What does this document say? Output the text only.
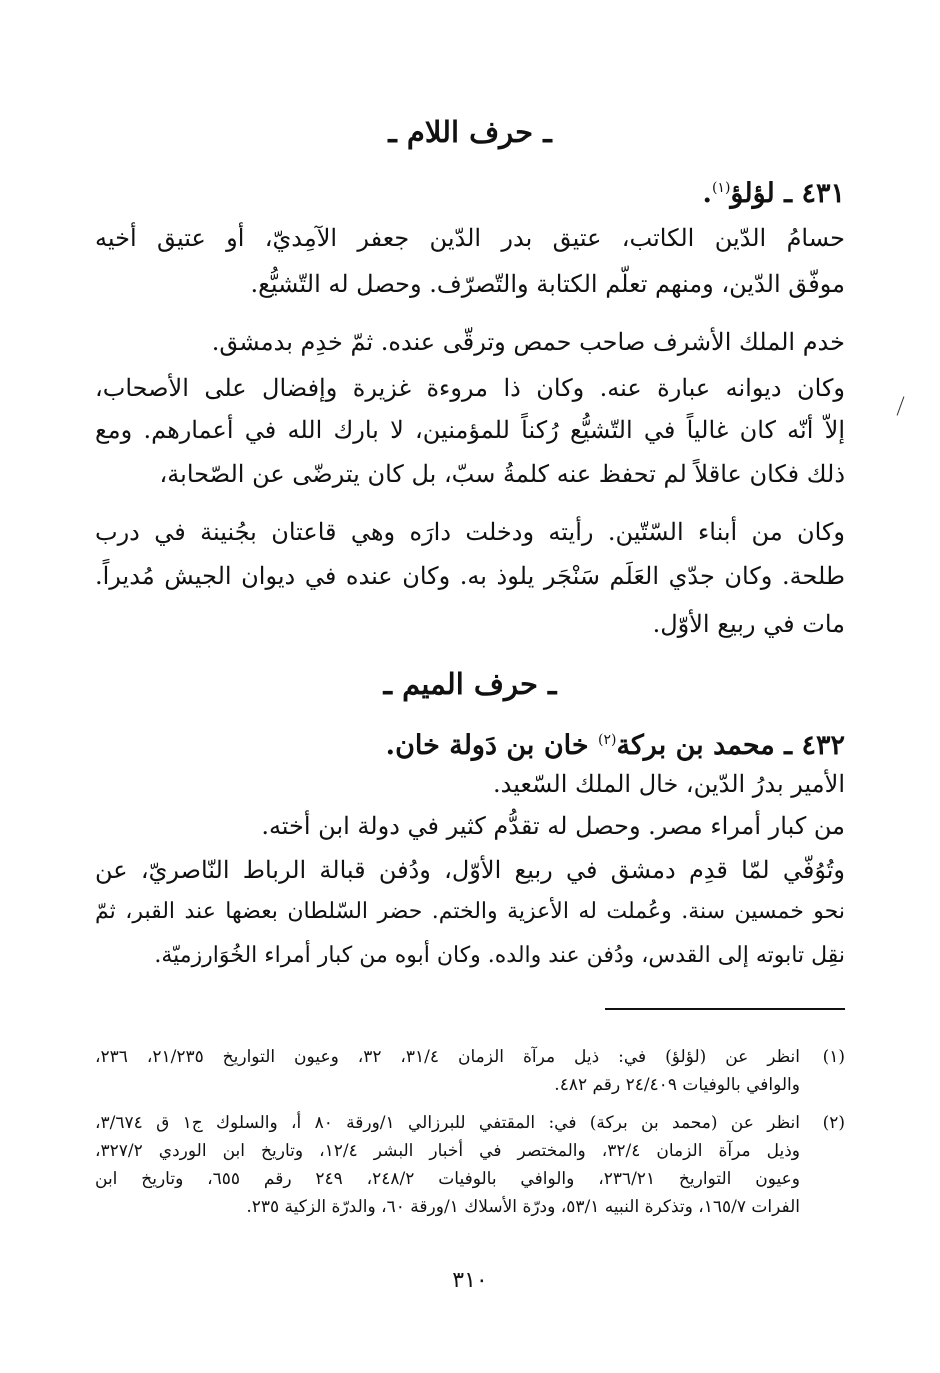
ـ حرف اللام ـ
٤٣١ ـ لؤلؤ$^{(١)}$.
حسامُ الدّين الكاتب، عتيق بدر الدّين جعفر الآمِديّ، أو عتيق أخيه
موفّق الدّين، ومنهم تعلّم الكتابة والتّصرّف. وحصل له التّشيُّع.
خدم الملك الأشرف صاحب حمص وترقّى عنده. ثمّ خدِم بدمشق.
وكان ديوانه عبارة عنه. وكان ذا مروءة غزيرة وإفضال على الأصحاب،
إلاّ أنّه كان غالياً في التّشيُّع رُكناً للمؤمنين، لا بارك الله في أعمارهم. ومع
ذلك فكان عاقلاً لم تحفظ عنه كلمةُ سبّ، بل كان يترضّى عن الصّحابة،
وكان من أبناء السّتّين. رأيته ودخلت دارَه وهي قاعتان بجُنينة في درب
طلحة. وكان جدّي العَلَم سَنْجَر يلوذ به. وكان عنده في ديوان الجيش مُديراً.
مات في ربيع الأوّل.
ـ حرف الميم ـ
٤٣٢ ـ محمد بن بركة$^{(٢)}$ خان بن دَولة خان.
الأمير بدرُ الدّين، خال الملك السّعيد.
من كبار أمراء مصر. وحصل له تقدُّم كثير في دولة ابن أخته.
وتُوُفّي لمّا قدِم دمشق في ربيع الأوّل، ودُفن قبالة الرباط النّاصريّ، عن
نحو خمسين سنة. وعُملت له الأعزية والختم. حضر السّلطان بعضها عند القبر، ثمّ
نقِل تابوته إلى القدس، ودُفن عند والده. وكان أبوه من كبار أمراء الخُوَارزميّة.
(١)
انظر عن (لؤلؤ) في: ذيل مرآة الزمان ٣١/٤، ٣٢، وعيون التواريخ ٢١/٢٣٥، ٢٣٦،
والوافي بالوفيات ٢٤/٤٠٩ رقم ٤٨٢.
(٢)
انظر عن (محمد بن بركة) في: المقتفي للبرزالي ١/ورقة ٨٠ أ، والسلوك ج١ ق ٣/٦٧٤،
وذيل مرآة الزمان ٣٢/٤، والمختصر في أخبار البشر ١٢/٤، وتاريخ ابن الوردي ٣٢٧/٢،
وعيون التواريخ ٢٣٦/٢١، والوافي بالوفيات ٢٤٨/٢، ٢٤٩ رقم ٦٥٥، وتاريخ ابن
الفرات ١٦٥/٧، وتذكرة النبيه ٥٣/١، ودرّة الأسلاك ١/ورقة ٦٠، والدرّة الزكية ٢٣٥.
٣١٠
